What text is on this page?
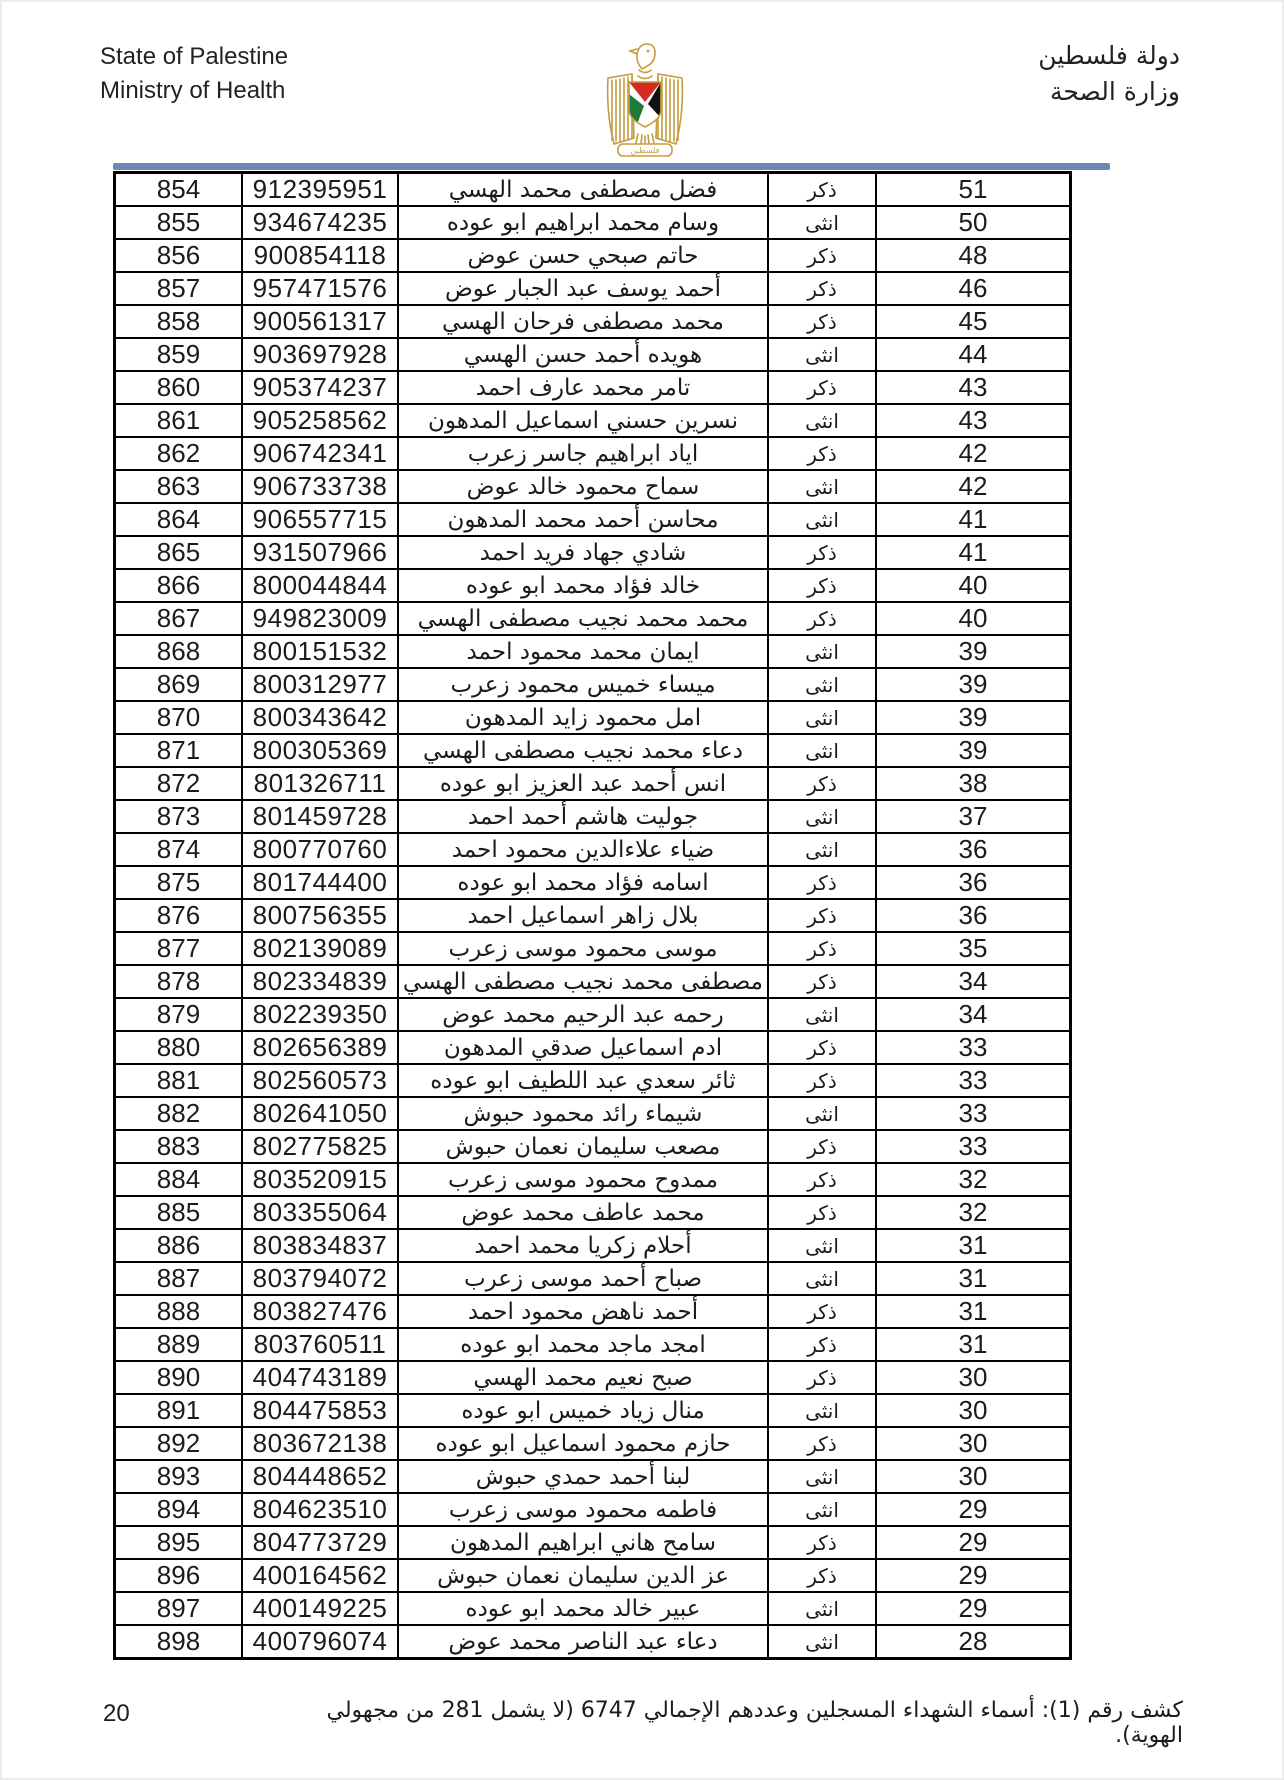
State of Palestine
Ministry of Health
دولة فلسطين
وزارة الصحة
فلسطين
854	912395951	فضل مصطفى محمد الهسي	ذكر	51
855	934674235	وسام محمد ابراهيم ابو عوده	انثى	50
856	900854118	حاتم صبحي حسن عوض	ذكر	48
857	957471576	أحمد يوسف عبد الجبار عوض	ذكر	46
858	900561317	محمد مصطفى فرحان الهسي	ذكر	45
859	903697928	هويده أحمد حسن الهسي	انثى	44
860	905374237	تامر محمد عارف احمد	ذكر	43
861	905258562	نسرين حسني اسماعيل المدهون	انثى	43
862	906742341	اياد ابراهيم جاسر زعرب	ذكر	42
863	906733738	سماح محمود خالد عوض	انثى	42
864	906557715	محاسن أحمد محمد المدهون	انثى	41
865	931507966	شادي جهاد فريد احمد	ذكر	41
866	800044844	خالد فؤاد محمد ابو عوده	ذكر	40
867	949823009	محمد محمد نجيب مصطفى الهسي	ذكر	40
868	800151532	ايمان محمد محمود احمد	انثى	39
869	800312977	ميساء خميس محمود زعرب	انثى	39
870	800343642	امل محمود زايد المدهون	انثى	39
871	800305369	دعاء محمد نجيب مصطفى الهسي	انثى	39
872	801326711	انس أحمد عبد العزيز ابو عوده	ذكر	38
873	801459728	جوليت هاشم أحمد احمد	انثى	37
874	800770760	ضياء علاءالدين محمود احمد	انثى	36
875	801744400	اسامه فؤاد محمد ابو عوده	ذكر	36
876	800756355	بلال زاهر اسماعيل احمد	ذكر	36
877	802139089	موسى محمود موسى زعرب	ذكر	35
878	802334839	مصطفى محمد نجيب مصطفى الهسي	ذكر	34
879	802239350	رحمه عبد الرحيم محمد عوض	انثى	34
880	802656389	ادم اسماعيل صدقي المدهون	ذكر	33
881	802560573	ثائر سعدي عبد اللطيف ابو عوده	ذكر	33
882	802641050	شيماء رائد محمود حبوش	انثى	33
883	802775825	مصعب سليمان نعمان حبوش	ذكر	33
884	803520915	ممدوح محمود موسى زعرب	ذكر	32
885	803355064	محمد عاطف محمد عوض	ذكر	32
886	803834837	أحلام زكريا محمد احمد	انثى	31
887	803794072	صباح أحمد موسى زعرب	انثى	31
888	803827476	أحمد ناهض محمود احمد	ذكر	31
889	803760511	امجد ماجد محمد ابو عوده	ذكر	31
890	404743189	صبح نعيم محمد الهسي	ذكر	30
891	804475853	منال زياد خميس ابو عوده	انثى	30
892	803672138	حازم محمود اسماعيل ابو عوده	ذكر	30
893	804448652	لبنا أحمد حمدي حبوش	انثى	30
894	804623510	فاطمه محمود موسى زعرب	انثى	29
895	804773729	سامح هاني ابراهيم المدهون	ذكر	29
896	400164562	عز الدين سليمان نعمان حبوش	ذكر	29
897	400149225	عبير خالد محمد ابو عوده	انثى	29
898	400796074	دعاء عبد الناصر محمد عوض	انثى	28
كشف رقم (1): أسماء الشهداء المسجلين وعددهم الإجمالي 6747 (لا يشمل 281 من مجهولي الهوية).
20
